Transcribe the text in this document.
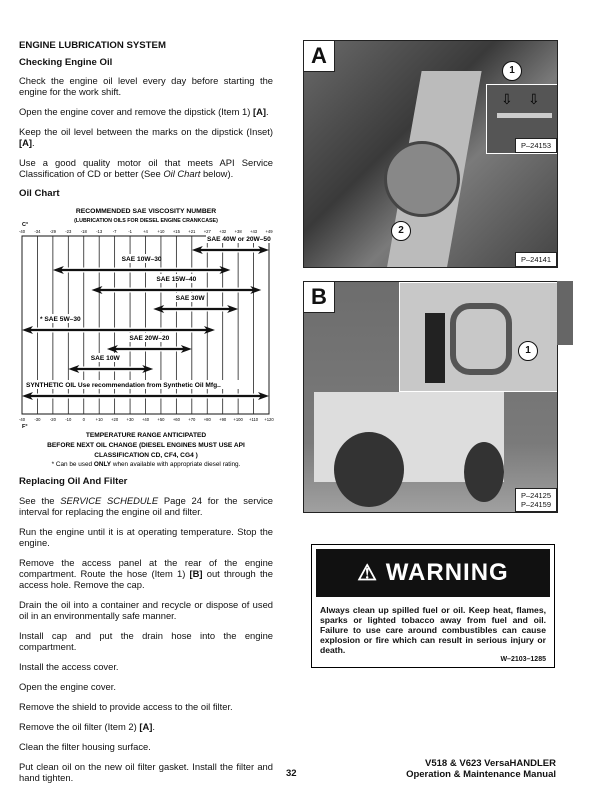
ENGINE LUBRICATION SYSTEM
Checking Engine Oil

Check the engine oil level every day before starting the engine for the work shift.

Open the engine cover and remove the dipstick (Item 1) [A].

Keep the oil level between the marks on the dipstick (Inset) [A].

Use a good quality motor oil that meets API Service Classification of CD or better (See Oil Chart below).

Oil Chart
RECOMMENDED SAE VISCOSITY NUMBER
(LUBRICATION OILS FOR DIESEL ENGINE CRANKCASE)
C°
F°
-40
-40
-30
-34
-20
-29
-10
-23
0
-18
+10
-13
+20
-7
+30
-1
+40
+4
+50
+10
+60
+15
+70
+21
+80
+27
+90
+32
+100
+38
+110
+43
+120
+49
SAE 40W or 20W–50
SAE 10W–30
SAE 15W–40
SAE 30W
* SAE 5W–30
SAE 20W–20
SAE 10W
SYNTHETIC OIL Use recommendation from Synthetic Oil Mfg..
TEMPERATURE RANGE ANTICIPATED
BEFORE NEXT OIL CHANGE (DIESEL ENGINES MUST USE API
CLASSIFICATION CD, CF4, CG4 )
* Can be used ONLY when available with appropriate diesel rating.
Replacing Oil And Filter

See the SERVICE SCHEDULE Page 24 for the service interval for replacing the engine oil and filter.

Run the engine until it is at operating temperature. Stop the engine.

Remove the access panel at the rear of the engine compartment. Route the hose (Item 1) [B] out through the access hole. Remove the cap.

Drain the oil into a container and recycle or dispose of used oil in an environmentally safe manner.

Install cap and put the drain hose into the engine compartment.

Install the access cover.

Open the engine cover.

Remove the shield to provide access to the oil filter.

Remove the oil filter (Item 2) [A].

Clean the filter housing surface.

Put clean oil on the new oil filter gasket. Install the filter and hand tighten.

A
1
2
⇩ ⇩
P–24153
P–24141
B
1
P–24125
P–24159
⚠ WARNING
Always clean up spilled fuel or oil. Keep heat, flames, sparks or lighted tobacco away from fuel and oil. Failure to use care around combustibles can cause explosion or fire which can result in serious injury or death.
W–2103–1285
32
V518 & V623 VersaHANDLER
Operation & Maintenance Manual
